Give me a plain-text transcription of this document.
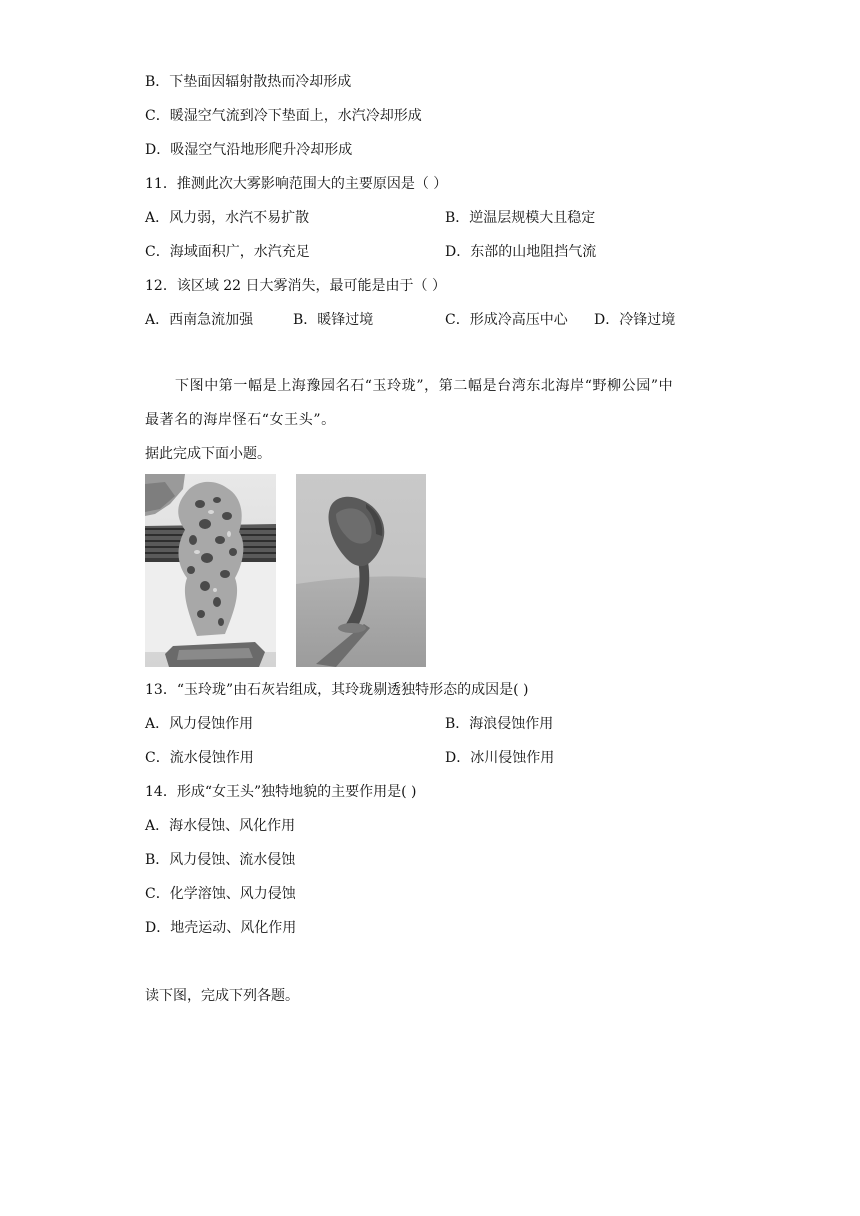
B．下垫面因辐射散热而冷却形成
C．暖湿空气流到冷下垫面上，水汽冷却形成
D．吸湿空气沿地形爬升冷却形成
11．推测此次大雾影响范围大的主要原因是（ ）
A．风力弱，水汽不易扩散	B．逆温层规模大且稳定
C．海域面积广，水汽充足	D．东部的山地阻挡气流
12．该区域 22 日大雾消失，最可能是由于（ ）
A．西南急流加强	B．暖锋过境	C．形成冷高压中心 D．冷锋过境
下图中第一幅是上海豫园名石“玉玲珑”，第二幅是台湾东北海岸“野柳公园”中
最著名的海岸怪石“女王头”。
据此完成下面小题。
13．“玉玲珑”由石灰岩组成，其玲珑剔透独特形态的成因是( )
A．风力侵蚀作用	B．海浪侵蚀作用
C．流水侵蚀作用	D．冰川侵蚀作用
14．形成“女王头”独特地貌的主要作用是( )
A．海水侵蚀、风化作用
B．风力侵蚀、流水侵蚀
C．化学溶蚀、风力侵蚀
D．地壳运动、风化作用
读下图，完成下列各题。
